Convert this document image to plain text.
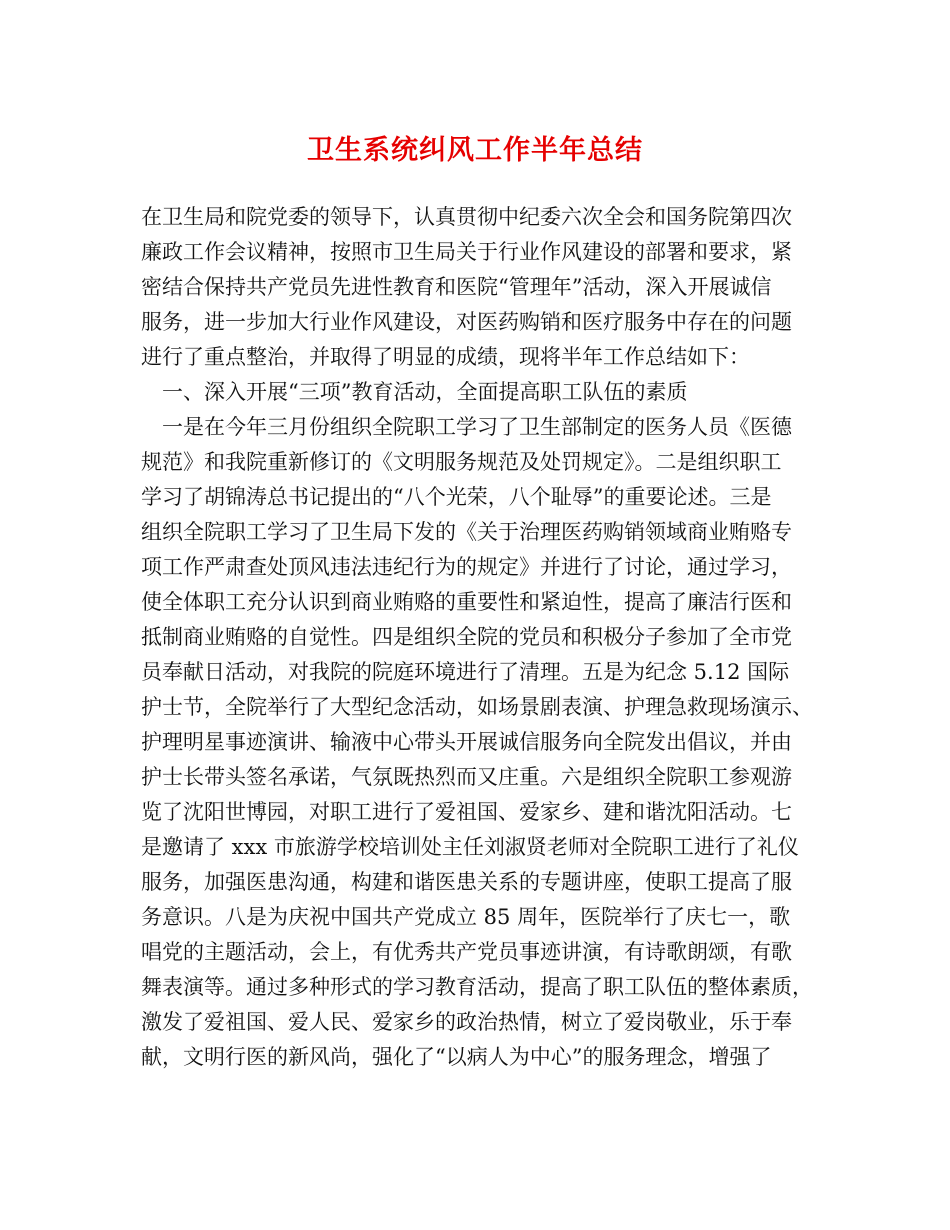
卫生系统纠风工作半年总结
在卫生局和院党委的领导下，认真贯彻中纪委六次全会和国务院第四次
廉政工作会议精神，按照市卫生局关于行业作风建设的部署和要求，紧
密结合保持共产党员先进性教育和医院“管理年”活动，深入开展诚信
服务，进一步加大行业作风建设，对医药购销和医疗服务中存在的问题
进行了重点整治，并取得了明显的成绩，现将半年工作总结如下：
　一、深入开展“三项”教育活动，全面提高职工队伍的素质
　一是在今年三月份组织全院职工学习了卫生部制定的医务人员《医德
规范》和我院重新修订的《文明服务规范及处罚规定》。二是组织职工
学习了胡锦涛总书记提出的“八个光荣，八个耻辱”的重要论述。三是
组织全院职工学习了卫生局下发的《关于治理医药购销领域商业贿赂专
项工作严肃查处顶风违法违纪行为的规定》并进行了讨论，通过学习，
使全体职工充分认识到商业贿赂的重要性和紧迫性，提高了廉洁行医和
抵制商业贿赂的自觉性。四是组织全院的党员和积极分子参加了全市党
员奉献日活动，对我院的院庭环境进行了清理。五是为纪念 5.12 国际
护士节，全院举行了大型纪念活动，如场景剧表演、护理急救现场演示、
护理明星事迹演讲、输液中心带头开展诚信服务向全院发出倡议，并由
护士长带头签名承诺，气氛既热烈而又庄重。六是组织全院职工参观游
览了沈阳世博园，对职工进行了爱祖国、爱家乡、建和谐沈阳活动。七
是邀请了 xxx 市旅游学校培训处主任刘淑贤老师对全院职工进行了礼仪
服务，加强医患沟通，构建和谐医患关系的专题讲座，使职工提高了服
务意识。八是为庆祝中国共产党成立 85 周年，医院举行了庆七一，歌
唱党的主题活动，会上，有优秀共产党员事迹讲演，有诗歌朗颂，有歌
舞表演等。通过多种形式的学习教育活动，提高了职工队伍的整体素质，
激发了爱祖国、爱人民、爱家乡的政治热情，树立了爱岗敬业，乐于奉
献，文明行医的新风尚，强化了“以病人为中心”的服务理念，增强了
